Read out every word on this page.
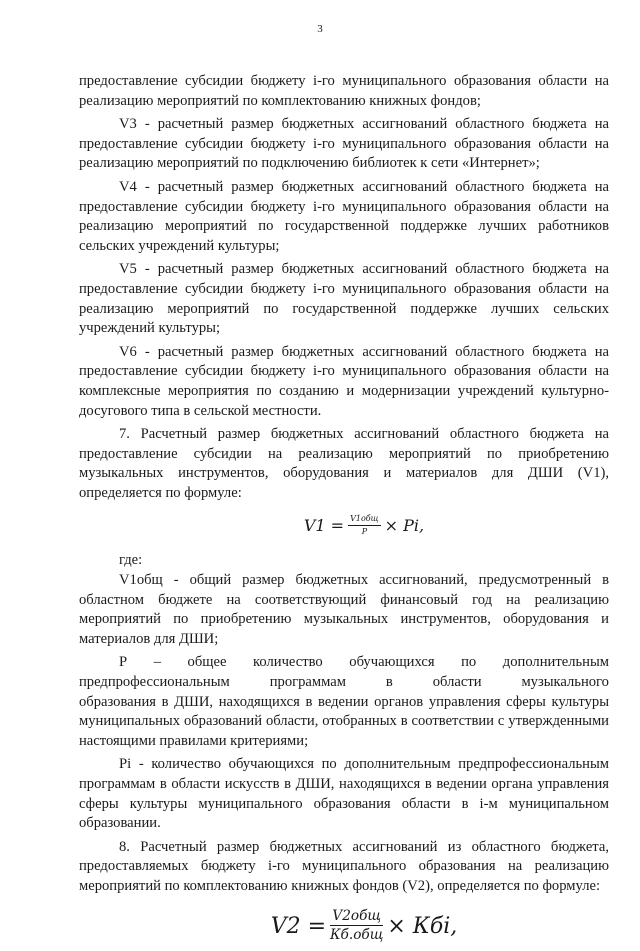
3

предоставление субсидии бюджету i-го муниципального образования области на реализацию мероприятий по комплектованию книжных фондов;

V3 - расчетный размер бюджетных ассигнований областного бюджета на предоставление субсидии бюджету i-го муниципального образования области на реализацию мероприятий по подключению библиотек к сети «Интернет»;

V4 - расчетный размер бюджетных ассигнований областного бюджета на предоставление субсидии бюджету i-го муниципального образования области на реализацию мероприятий по государственной поддержке лучших работников сельских учреждений культуры;

V5 - расчетный размер бюджетных ассигнований областного бюджета на предоставление субсидии бюджету i-го муниципального образования области на реализацию мероприятий по государственной поддержке лучших сельских учреждений культуры;

V6 - расчетный размер бюджетных ассигнований областного бюджета на предоставление субсидии бюджету i-го муниципального образования области на комплексные мероприятия по созданию и модернизации учреждений культурно-досугового типа в сельской местности.

7. Расчетный размер бюджетных ассигнований областного бюджета на предоставление субсидии на реализацию мероприятий по приобретению музыкальных инструментов, оборудования и материалов для ДШИ (V1), определяется по формуле:

$V1 = \frac{\text{V1общ}}{P} \times Pi$,

где:

V1общ - общий размер бюджетных ассигнований, предусмотренный в областном бюджете на соответствующий финансовый год на реализацию мероприятий по приобретению музыкальных инструментов, оборудования и материалов для ДШИ;

Р – общее количество обучающихся по дополнительным

предпрофессиональным	программам	в	области	музыкального

образования в ДШИ, находящихся в ведении органов управления сферы культуры муниципальных образований области, отобранных в соответствии с утвержденными настоящими правилами критериями;

Pi - количество обучающихся по дополнительным предпрофессиональным программам в области искусств в ДШИ, находящихся в ведении органа управления сферы культуры муниципального образования области в i-м муниципальном образовании.

8. Расчетный размер бюджетных ассигнований из областного бюджета, предоставляемых бюджету i-го муниципального образования на реализацию мероприятий по комплектованию книжных фондов (V2), определяется по формуле:

$V2 = \frac{\text{V2общ}}{\text{Кб.общ}}$ × Кбi,
